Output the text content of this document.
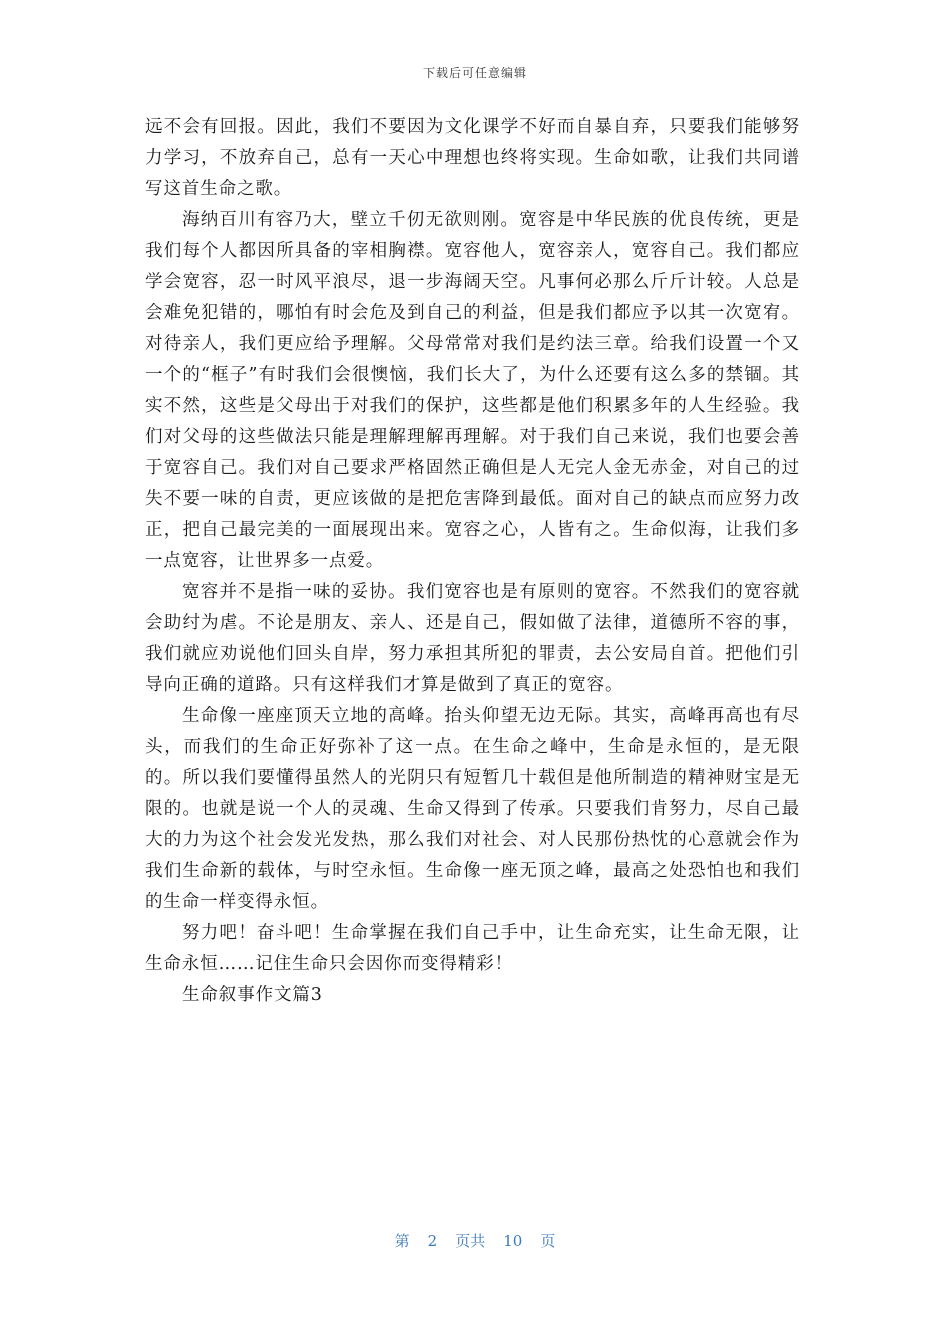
下载后可任意编辑

远不会有回报。因此，我们不要因为文化课学不好而自暴自弃，只要我们能够努力学习，不放弃自己，总有一天心中理想也终将实现。生命如歌，让我们共同谱写这首生命之歌。

海纳百川有容乃大，壁立千仞无欲则刚。宽容是中华民族的优良传统，更是我们每个人都因所具备的宰相胸襟。宽容他人，宽容亲人，宽容自己。我们都应学会宽容，忍一时风平浪尽，退一步海阔天空。凡事何必那么斤斤计较。人总是会难免犯错的，哪怕有时会危及到自己的利益，但是我们都应予以其一次宽宥。对待亲人，我们更应给予理解。父母常常对我们是约法三章。给我们设置一个又一个的“框子”有时我们会很懊恼，我们长大了，为什么还要有这么多的禁锢。其实不然，这些是父母出于对我们的保护，这些都是他们积累多年的人生经验。我们对父母的这些做法只能是理解理解再理解。对于我们自己来说，我们也要会善于宽容自己。我们对自己要求严格固然正确但是人无完人金无赤金，对自己的过失不要一味的自责，更应该做的是把危害降到最低。面对自己的缺点而应努力改正，把自己最完美的一面展现出来。宽容之心，人皆有之。生命似海，让我们多一点宽容，让世界多一点爱。

宽容并不是指一味的妥协。我们宽容也是有原则的宽容。不然我们的宽容就会助纣为虐。不论是朋友、亲人、还是自己，假如做了法律，道德所不容的事，我们就应劝说他们回头自岸，努力承担其所犯的罪责，去公安局自首。把他们引导向正确的道路。只有这样我们才算是做到了真正的宽容。

生命像一座座顶天立地的高峰。抬头仰望无边无际。其实，高峰再高也有尽头，而我们的生命正好弥补了这一点。在生命之峰中，生命是永恒的，是无限的。所以我们要懂得虽然人的光阴只有短暂几十载但是他所制造的精神财宝是无限的。也就是说一个人的灵魂、生命又得到了传承。只要我们肯努力，尽自己最大的力为这个社会发光发热，那么我们对社会、对人民那份热忱的心意就会作为我们生命新的载体，与时空永恒。生命像一座无顶之峰，最高之处恐怕也和我们的生命一样变得永恒。

努力吧！奋斗吧！生命掌握在我们自己手中，让生命充实，让生命无限，让生命永恒……记住生命只会因你而变得精彩！

生命叙事作文篇3

第 2 页共 10 页
